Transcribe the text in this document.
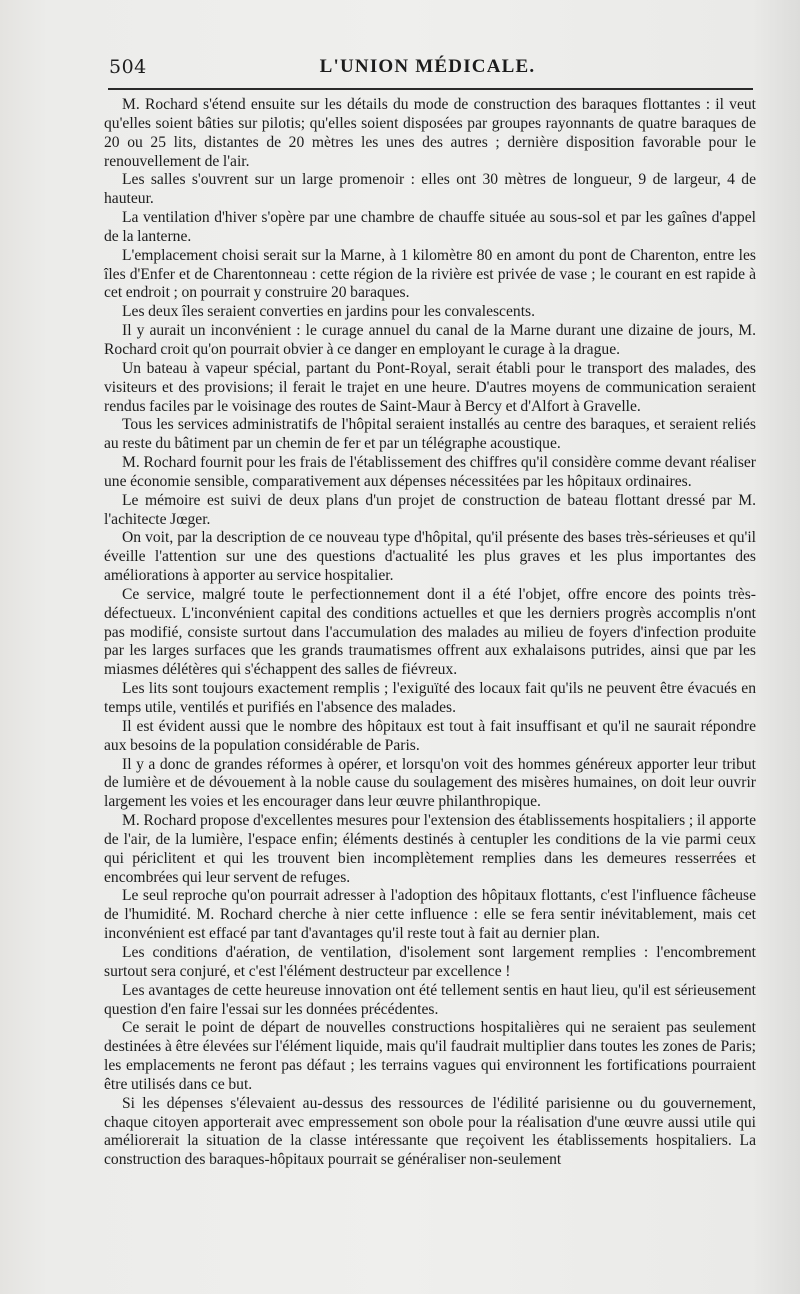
504	L'UNION MÉDICALE.

M. Rochard s'étend ensuite sur les détails du mode de construction des baraques flottantes : il veut qu'elles soient bâties sur pilotis; qu'elles soient disposées par groupes rayonnants de quatre baraques de 20 ou 25 lits, distantes de 20 mètres les unes des autres ; dernière disposition favorable pour le renouvellement de l'air.

Les salles s'ouvrent sur un large promenoir : elles ont 30 mètres de longueur, 9 de largeur, 4 de hauteur.

La ventilation d'hiver s'opère par une chambre de chauffe située au sous-sol et par les gaînes d'appel de la lanterne.

L'emplacement choisi serait sur la Marne, à 1 kilomètre 80 en amont du pont de Charenton, entre les îles d'Enfer et de Charentonneau : cette région de la rivière est privée de vase ; le courant en est rapide à cet endroit ; on pourrait y construire 20 baraques.

Les deux îles seraient converties en jardins pour les convalescents.

Il y aurait un inconvénient : le curage annuel du canal de la Marne durant une dizaine de jours, M. Rochard croit qu'on pourrait obvier à ce danger en employant le curage à la drague.

Un bateau à vapeur spécial, partant du Pont-Royal, serait établi pour le transport des malades, des visiteurs et des provisions; il ferait le trajet en une heure. D'autres moyens de communication seraient rendus faciles par le voisinage des routes de Saint-Maur à Bercy et d'Alfort à Gravelle.

Tous les services administratifs de l'hôpital seraient installés au centre des baraques, et seraient reliés au reste du bâtiment par un chemin de fer et par un télégraphe acoustique.

M. Rochard fournit pour les frais de l'établissement des chiffres qu'il considère comme devant réaliser une économie sensible, comparativement aux dépenses nécessitées par les hôpitaux ordinaires.

Le mémoire est suivi de deux plans d'un projet de construction de bateau flottant dressé par M. l'achitecte Jœger.

On voit, par la description de ce nouveau type d'hôpital, qu'il présente des bases très-sérieuses et qu'il éveille l'attention sur une des questions d'actualité les plus graves et les plus importantes des améliorations à apporter au service hospitalier.

Ce service, malgré toute le perfectionnement dont il a été l'objet, offre encore des points très-défectueux. L'inconvénient capital des conditions actuelles et que les derniers progrès accomplis n'ont pas modifié, consiste surtout dans l'accumulation des malades au milieu de foyers d'infection produite par les larges surfaces que les grands traumatismes offrent aux exhalaisons putrides, ainsi que par les miasmes délétères qui s'échappent des salles de fiévreux.

Les lits sont toujours exactement remplis ; l'exiguïté des locaux fait qu'ils ne peuvent être évacués en temps utile, ventilés et purifiés en l'absence des malades.

Il est évident aussi que le nombre des hôpitaux est tout à fait insuffisant et qu'il ne saurait répondre aux besoins de la population considérable de Paris.

Il y a donc de grandes réformes à opérer, et lorsqu'on voit des hommes généreux apporter leur tribut de lumière et de dévouement à la noble cause du soulagement des misères humaines, on doit leur ouvrir largement les voies et les encourager dans leur œuvre philanthropique.

M. Rochard propose d'excellentes mesures pour l'extension des établissements hospitaliers ; il apporte de l'air, de la lumière, l'espace enfin; éléments destinés à centupler les conditions de la vie parmi ceux qui périclitent et qui les trouvent bien incomplètement remplies dans les demeures resserrées et encombrées qui leur servent de refuges.

Le seul reproche qu'on pourrait adresser à l'adoption des hôpitaux flottants, c'est l'influence fâcheuse de l'humidité. M. Rochard cherche à nier cette influence : elle se fera sentir inévitablement, mais cet inconvénient est effacé par tant d'avantages qu'il reste tout à fait au dernier plan.

Les conditions d'aération, de ventilation, d'isolement sont largement remplies : l'encombrement surtout sera conjuré, et c'est l'élément destructeur par excellence !

Les avantages de cette heureuse innovation ont été tellement sentis en haut lieu, qu'il est sérieusement question d'en faire l'essai sur les données précédentes.

Ce serait le point de départ de nouvelles constructions hospitalières qui ne seraient pas seulement destinées à être élevées sur l'élément liquide, mais qu'il faudrait multiplier dans toutes les zones de Paris; les emplacements ne feront pas défaut ; les terrains vagues qui environnent les fortifications pourraient être utilisés dans ce but.

Si les dépenses s'élevaient au-dessus des ressources de l'édilité parisienne ou du gouvernement, chaque citoyen apporterait avec empressement son obole pour la réalisation d'une œuvre aussi utile qui améliorerait la situation de la classe intéressante que reçoivent les établissements hospitaliers. La construction des baraques-hôpitaux pourrait se généraliser non-seulement
